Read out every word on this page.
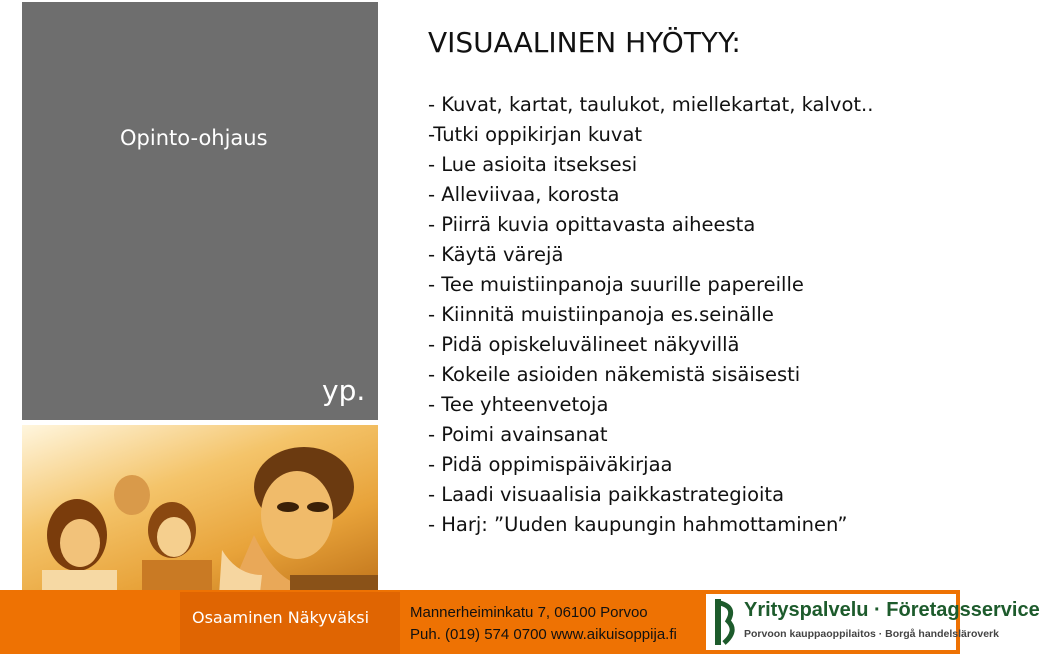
Opinto-ohjaus
yp.
VISUAALINEN HYÖTYY:
- Kuvat, kartat, taulukot, miellekartat, kalvot..
-Tutki oppikirjan kuvat
- Lue asioita itseksesi
- Alleviivaa, korosta
- Piirrä kuvia opittavasta aiheesta
- Käytä värejä
- Tee muistiinpanoja suurille papereille
- Kiinnitä muistiinpanoja es.seinälle
- Pidä opiskeluvälineet näkyvillä
- Kokeile asioiden näkemistä sisäisesti
- Tee yhteenvetoja
- Poimi avainsanat
- Pidä oppimispäiväkirjaa
- Laadi visuaalisia paikkastrategioita
- Harj: ”Uuden kaupungin hahmottaminen”
Osaaminen Näkyväksi	Mannerheiminkatu 7, 06100 Porvoo
Puh. (019) 574 0700 www.aikuisoppija.fi
Yrityspalvelu · Företagsservice
Porvoon kauppaoppilaitos · Borgå handelsläroverk
